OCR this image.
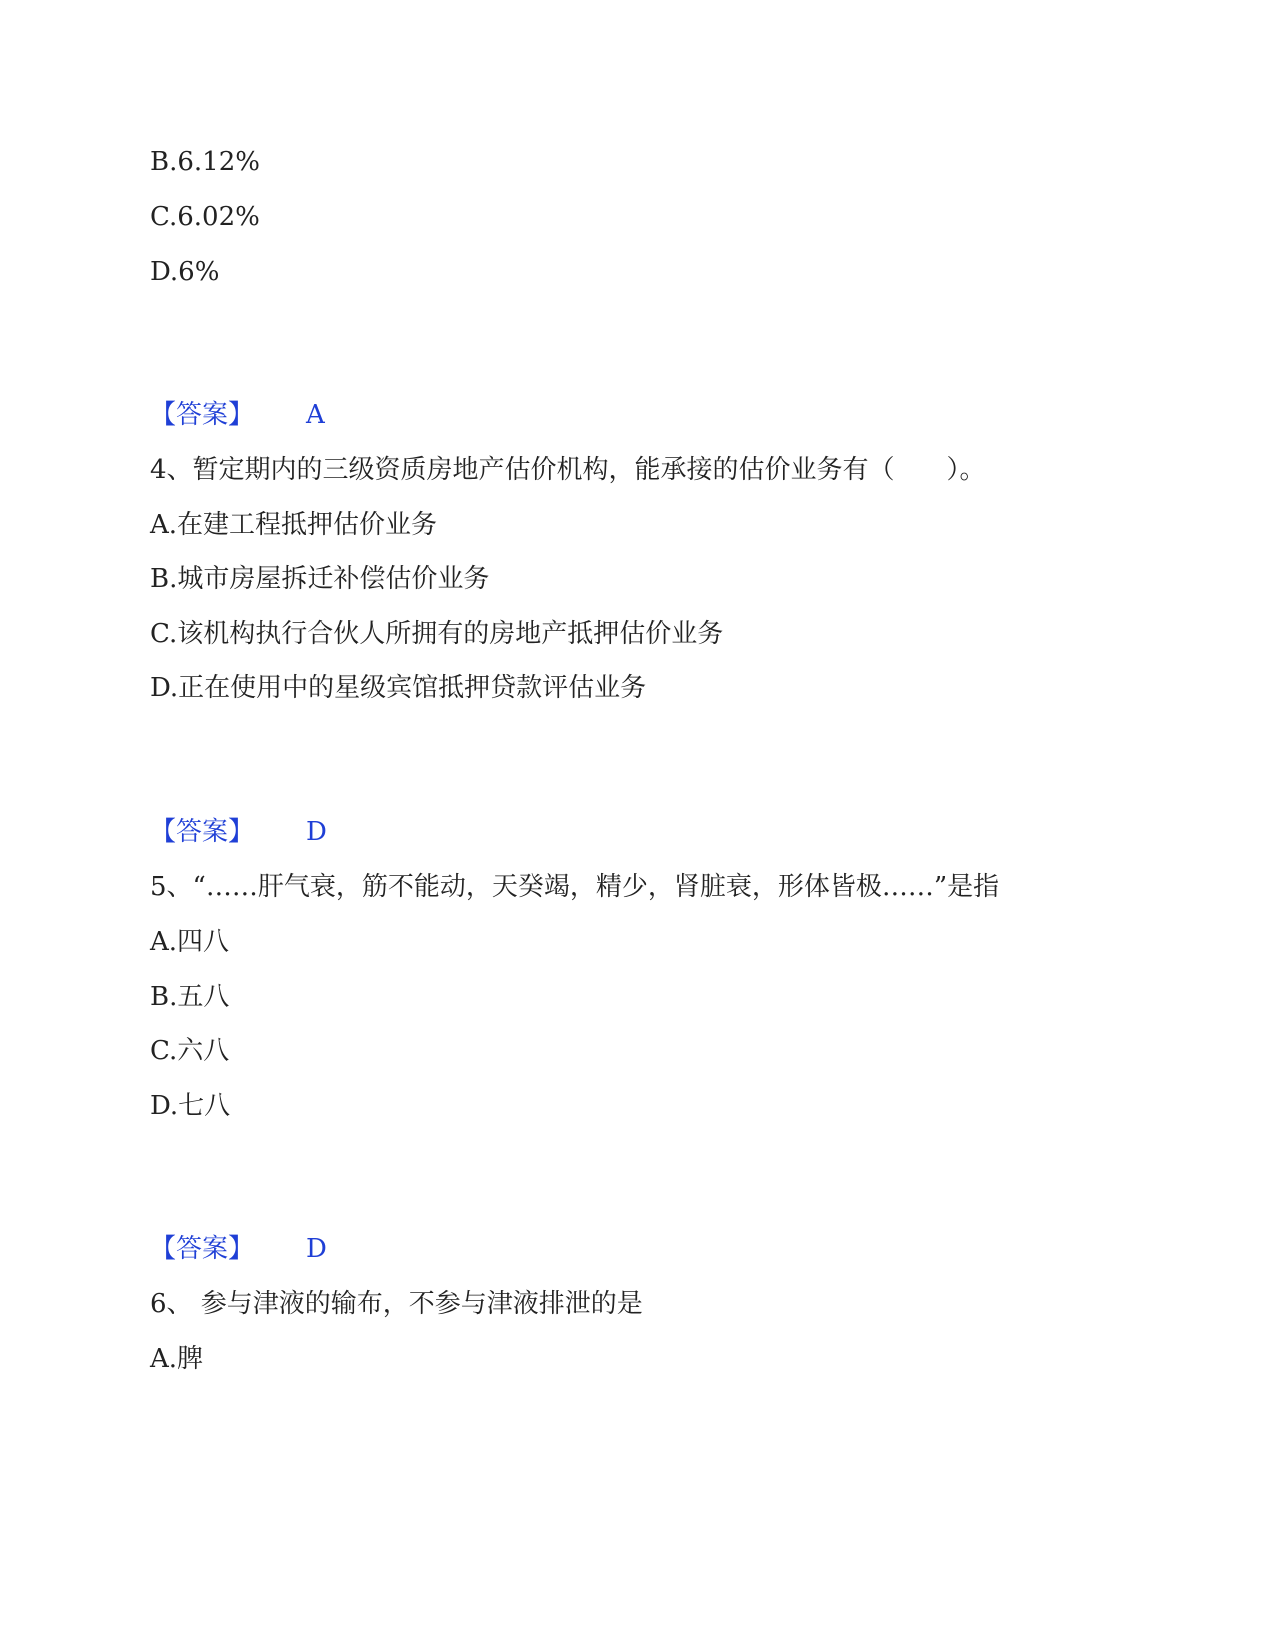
B.6.12%
C.6.02%
D.6%
【答案】 A
4、暂定期内的三级资质房地产估价机构，能承接的估价业务有（　　）。
A.在建工程抵押估价业务
B.城市房屋拆迁补偿估价业务
C.该机构执行合伙人所拥有的房地产抵押估价业务
D.正在使用中的星级宾馆抵押贷款评估业务
【答案】 D
5、“……肝气衰，筋不能动，天癸竭，精少，肾脏衰，形体皆极……”是指
A.四八
B.五八
C.六八
D.七八
【答案】 D
6、 参与津液的输布，不参与津液排泄的是
A.脾
